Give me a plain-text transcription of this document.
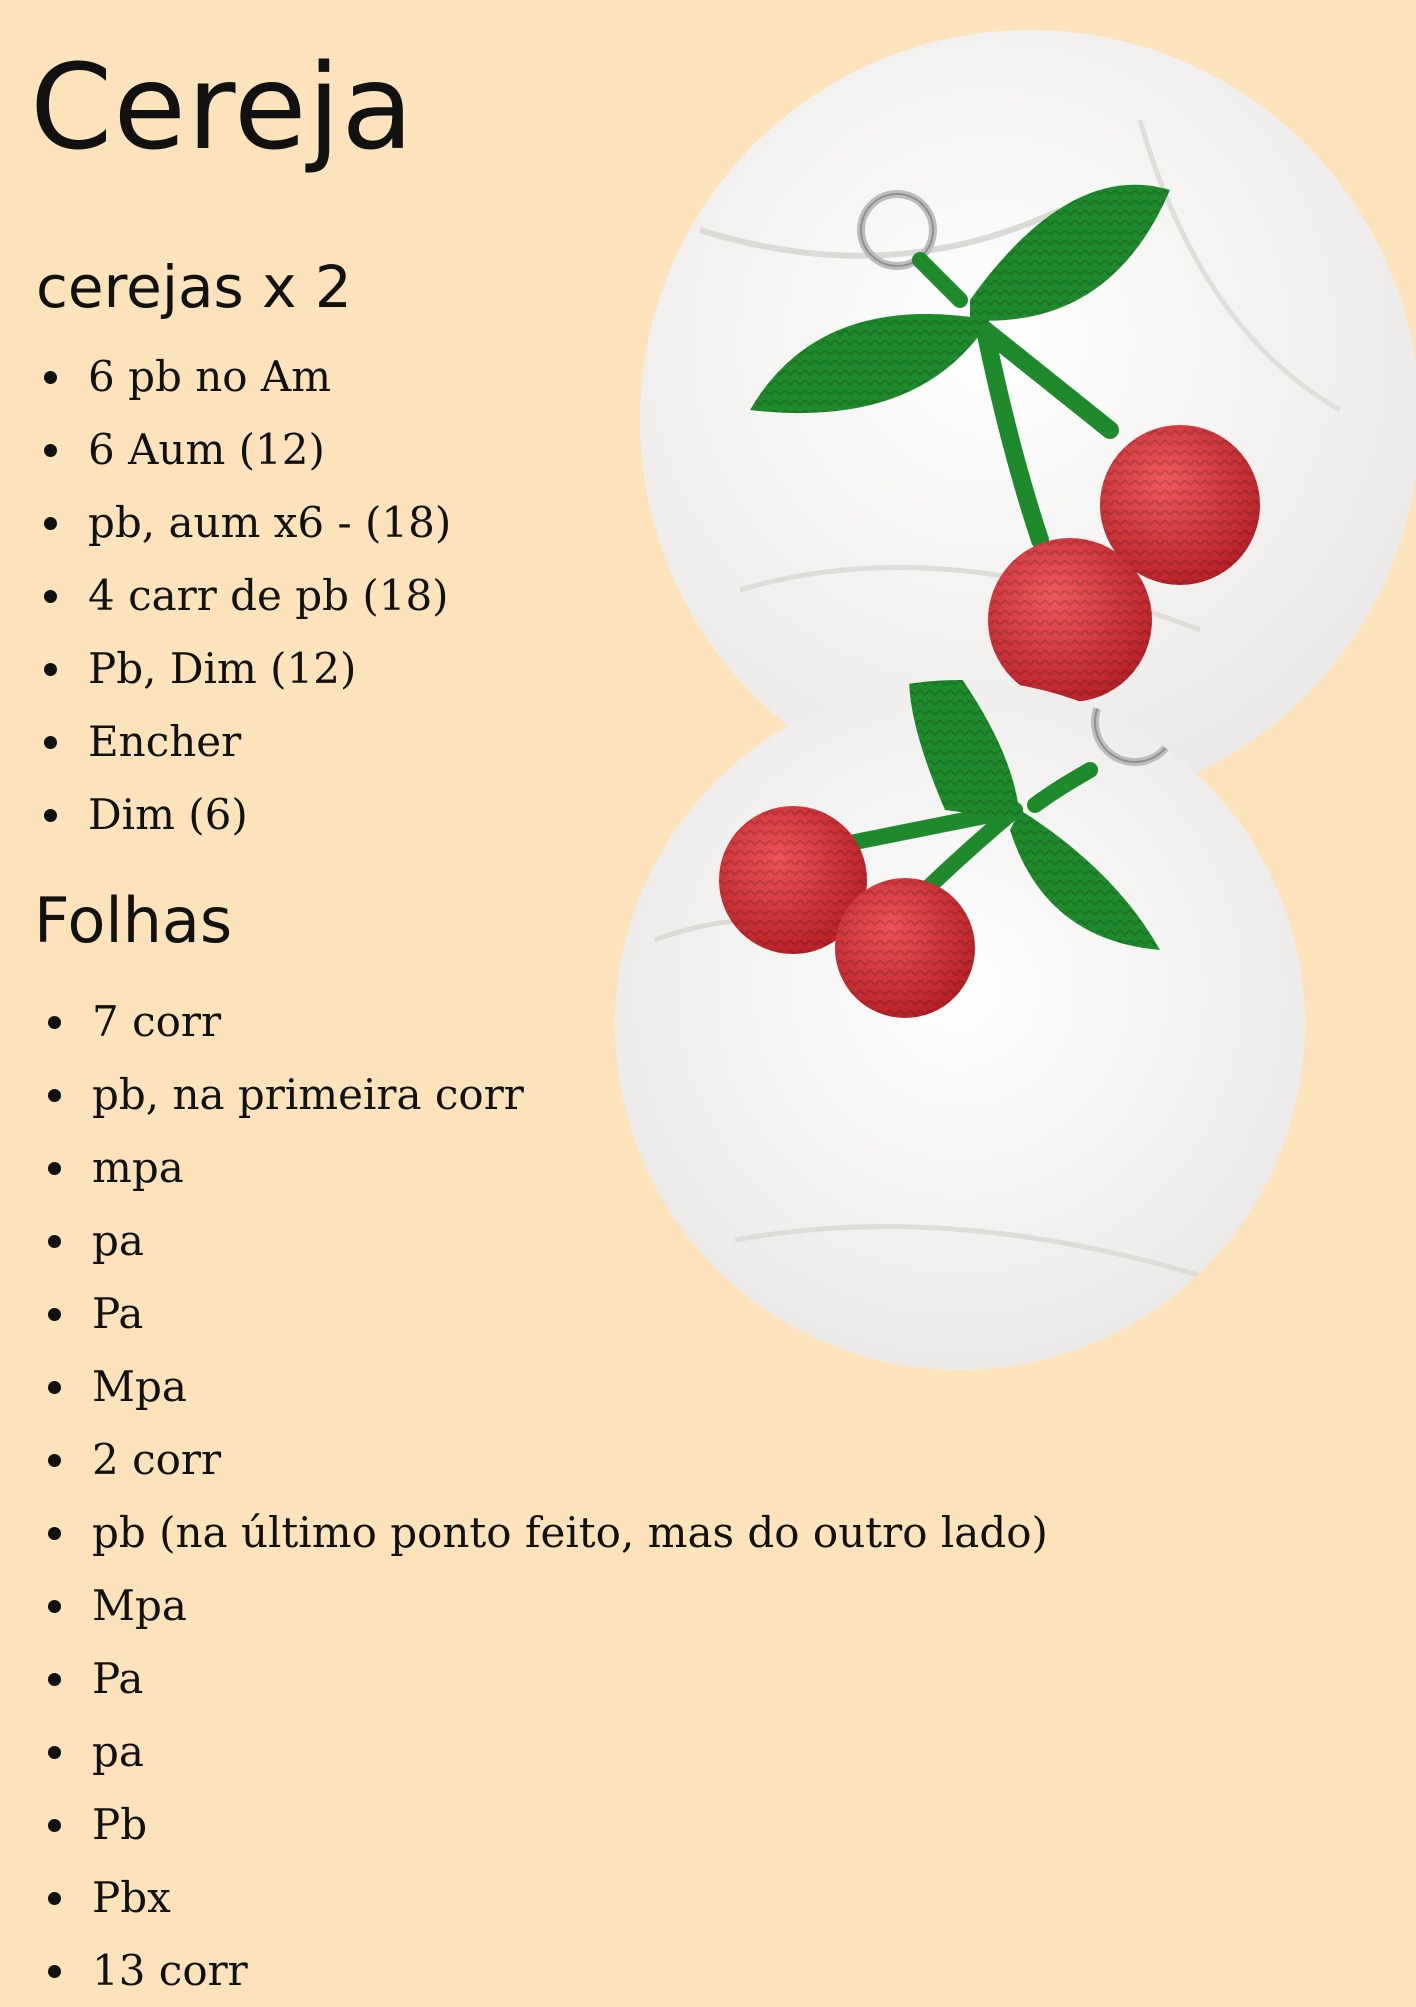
Cereja
cerejas x 2
6 pb no Am
6 Aum (12)
pb, aum x6 - (18)
4 carr de pb (18)
Pb, Dim (12)
Encher
Dim (6)
Folhas
7 corr
pb, na primeira corr
mpa
pa
Pa
Mpa
2 corr
pb (na último ponto feito, mas do outro lado)
Mpa
Pa
pa
Pb
Pbx
13 corr
